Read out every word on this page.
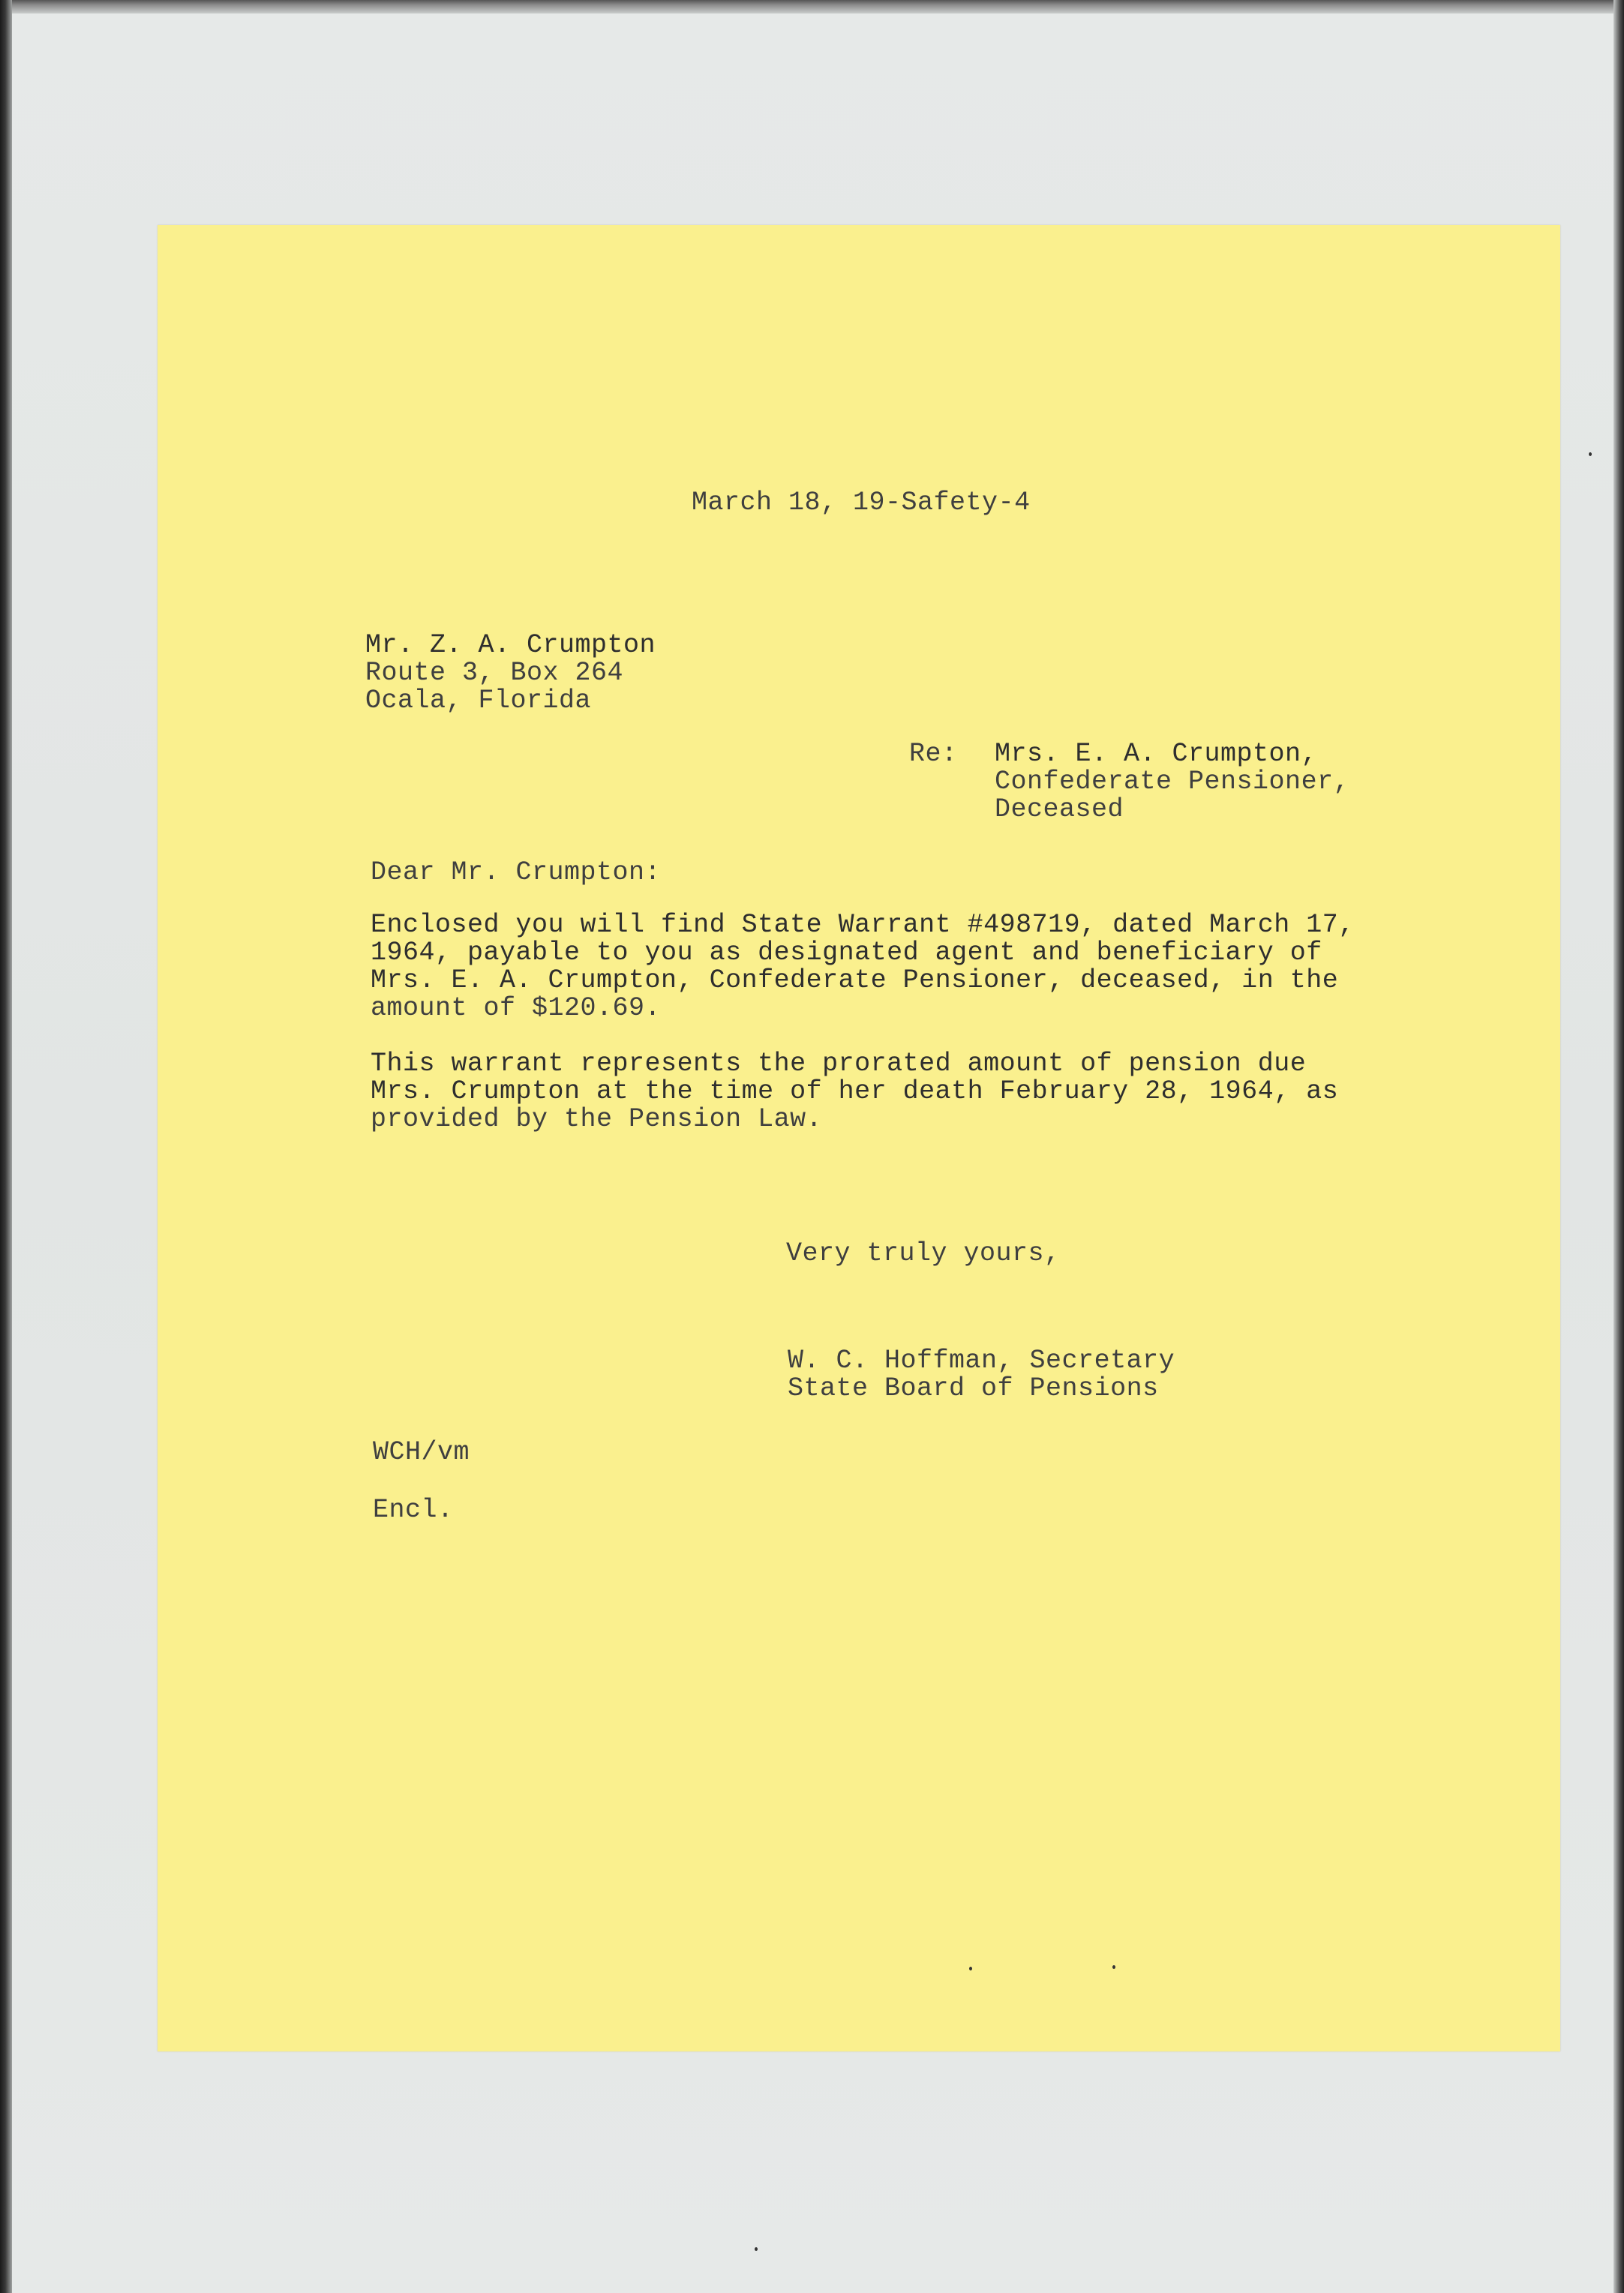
March 18, 19-Safety-4
Mr. Z. A. Crumpton
Route 3, Box 264
Ocala, Florida
Re: Mrs. E. A. Crumpton,
Confederate Pensioner,
Deceased
Dear Mr. Crumpton:
Enclosed you will find State Warrant #498719, dated March 17,
1964, payable to you as designated agent and beneficiary of
Mrs. E. A. Crumpton, Confederate Pensioner, deceased, in the
amount of $120.69.
This warrant represents the prorated amount of pension due
Mrs. Crumpton at the time of her death February 28, 1964, as
provided by the Pension Law.
Very truly yours,
W. C. Hoffman, Secretary
State Board of Pensions
WCH/vm
Encl.
